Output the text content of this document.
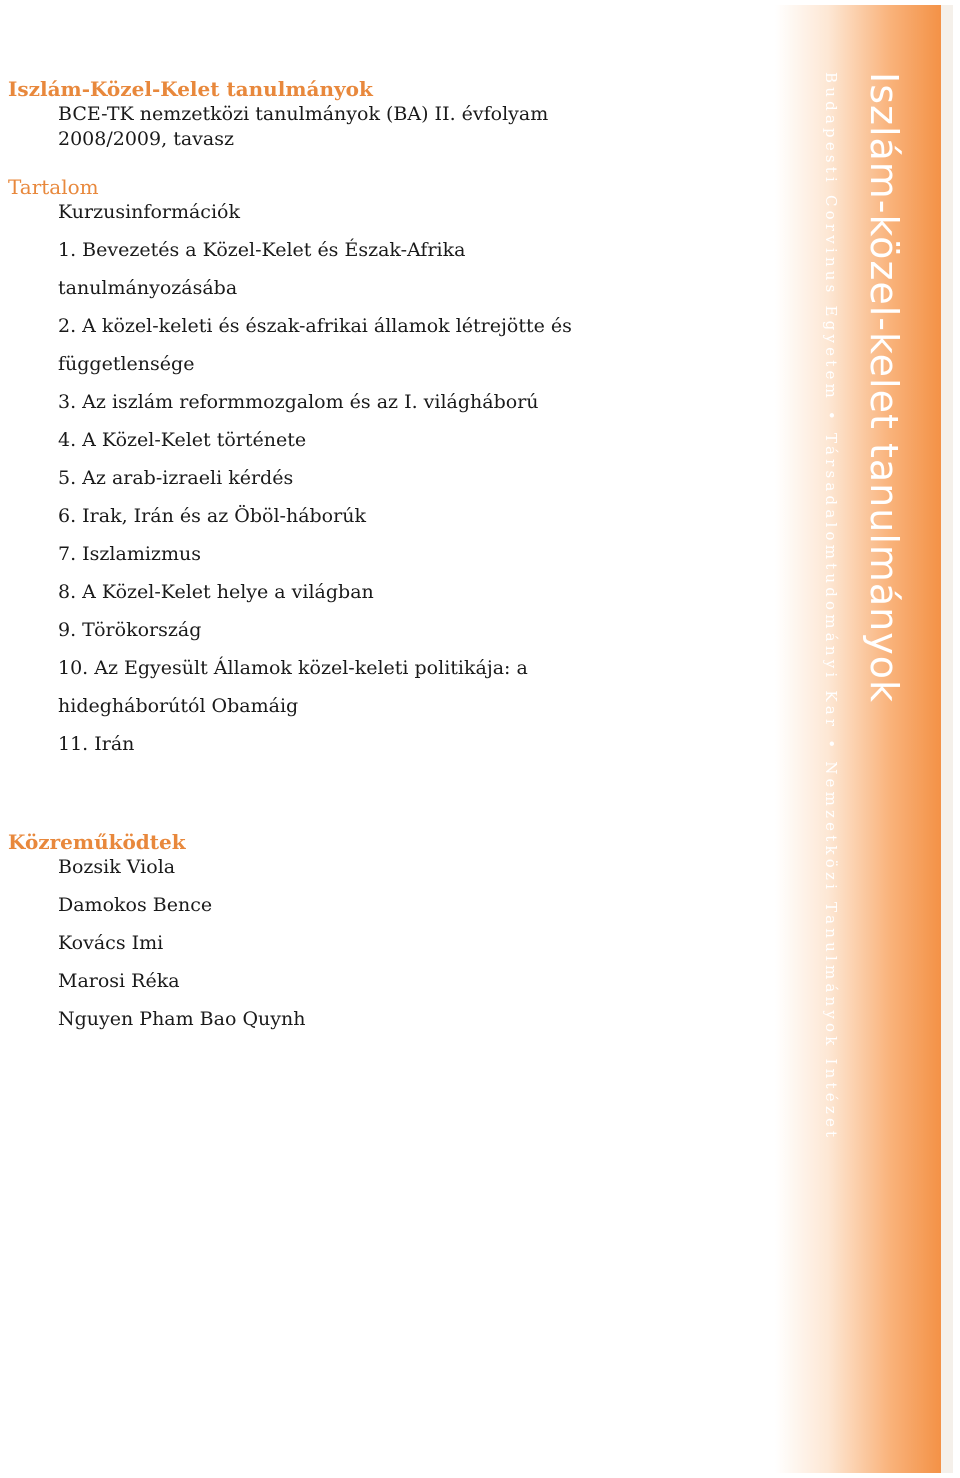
Iszlám-Közel-Kelet tanulmányok

BCE-TK nemzetközi tanulmányok (BA) II. évfolyam
2008/2009, tavasz

Tartalom

Kurzusinformációk
1. Bevezetés a Közel-Kelet és Észak-Afrika
tanulmányozásába
2. A közel-keleti és észak-afrikai államok létrejötte és
függetlensége
3. Az iszlám reformmozgalom és az I. világháború
4. A Közel-Kelet története
5. Az arab-izraeli kérdés
6. Irak, Irán és az Öböl-háborúk
7. Iszlamizmus
8. A Közel-Kelet helye a világban
9. Törökország
10. Az Egyesült Államok közel-keleti politikája: a
hidegháborútól Obamáig
11. Irán

Közreműködtek

Bozsik Viola
Damokos Bence
Kovács Imi
Marosi Réka
Nguyen Pham Bao Quynh
Iszlám-közel-kelet tanulmányok
Budapesti Corvinus Egyetem • Társadalomtudományi Kar • Nemzetközi Tanulmányok Intézet
